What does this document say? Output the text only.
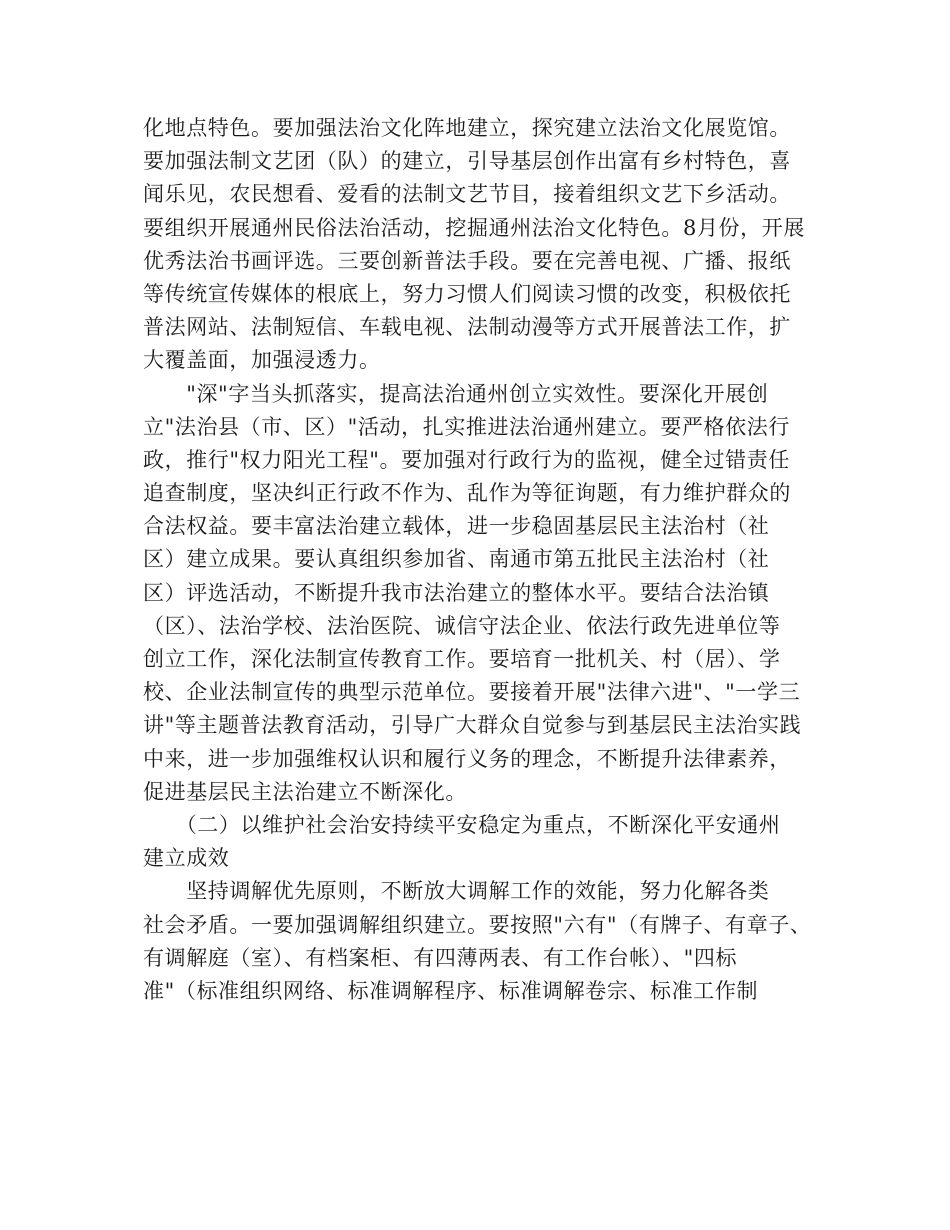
化地点特色。要加强法治文化阵地建立，探究建立法治文化展览馆。
要加强法制文艺团（队）的建立，引导基层创作出富有乡村特色，喜
闻乐见，农民想看、爱看的法制文艺节目，接着组织文艺下乡活动。
要组织开展通州民俗法治活动，挖掘通州法治文化特色。8月份，开展
优秀法治书画评选。三要创新普法手段。要在完善电视、广播、报纸
等传统宣传媒体的根底上，努力习惯人们阅读习惯的改变，积极依托
普法网站、法制短信、车载电视、法制动漫等方式开展普法工作，扩
大覆盖面，加强浸透力。
　　"深"字当头抓落实，提高法治通州创立实效性。要深化开展创
立"法治县（市、区）"活动，扎实推进法治通州建立。要严格依法行
政，推行"权力阳光工程"。要加强对行政行为的监视，健全过错责任
追查制度，坚决纠正行政不作为、乱作为等征询题，有力维护群众的
合法权益。要丰富法治建立载体，进一步稳固基层民主法治村（社
区）建立成果。要认真组织参加省、南通市第五批民主法治村（社
区）评选活动，不断提升我市法治建立的整体水平。要结合法治镇
（区）、法治学校、法治医院、诚信守法企业、依法行政先进单位等
创立工作，深化法制宣传教育工作。要培育一批机关、村（居）、学
校、企业法制宣传的典型示范单位。要接着开展"法律六进"、"一学三
讲"等主题普法教育活动，引导广大群众自觉参与到基层民主法治实践
中来，进一步加强维权认识和履行义务的理念，不断提升法律素养，
促进基层民主法治建立不断深化。
　　（二）以维护社会治安持续平安稳定为重点，不断深化平安通州
建立成效
　　坚持调解优先原则，不断放大调解工作的效能，努力化解各类
社会矛盾。一要加强调解组织建立。要按照"六有"（有牌子、有章子、
有调解庭（室）、有档案柜、有四薄两表、有工作台帐）、"四标
准"（标准组织网络、标准调解程序、标准调解卷宗、标准工作制
